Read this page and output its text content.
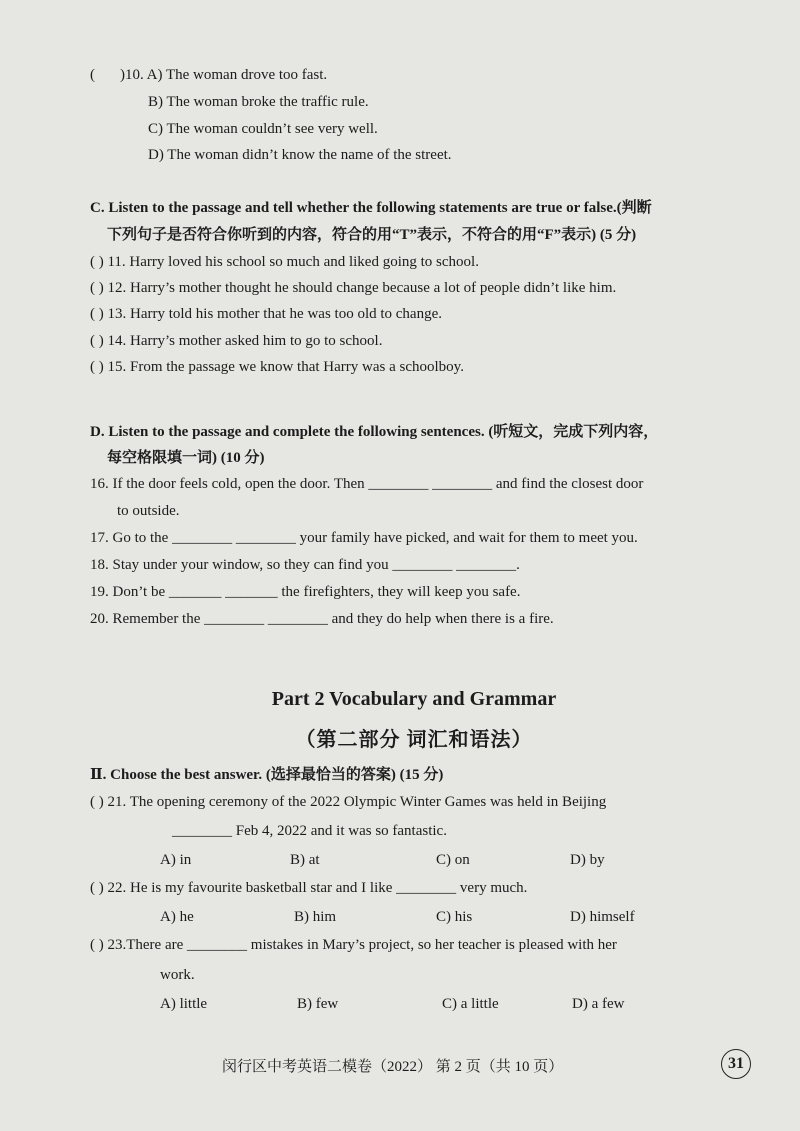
( )10. A) The woman drove too fast.
B) The woman broke the traffic rule.
C) The woman couldn’t see very well.
D) The woman didn’t know the name of the street.
C. Listen to the passage and tell whether the following statements are true or false.(判断
下列句子是否符合你听到的内容，符合的用“T”表示，不符合的用“F”表示) (5 分)
( ) 11. Harry loved his school so much and liked going to school.
( ) 12. Harry’s mother thought he should change because a lot of people didn’t like him.
( ) 13. Harry told his mother that he was too old to change.
( ) 14. Harry’s mother asked him to go to school.
( ) 15. From the passage we know that Harry was a schoolboy.
D. Listen to the passage and complete the following sentences. (听短文，完成下列内容，
每空格限填一词) (10 分)
16. If the door feels cold, open the door. Then ________ ________ and find the closest door
to outside.
17. Go to the ________ ________ your family have picked, and wait for them to meet you.
18. Stay under your window, so they can find you ________ ________.
19. Don’t be _______ _______ the firefighters, they will keep you safe.
20. Remember the ________ ________ and they do help when there is a fire.
Part 2 Vocabulary and Grammar
（第二部分 词汇和语法）
Ⅱ. Choose the best answer. (选择最恰当的答案) (15 分)
( ) 21. The opening ceremony of the 2022 Olympic Winter Games was held in Beijing
________ Feb 4, 2022 and it was so fantastic.
A) in	B) at	C) on	D) by
( ) 22. He is my favourite basketball star and I like ________ very much.
A) he	B) him	C) his	D) himself
( ) 23.There are ________ mistakes in Mary’s project, so her teacher is pleased with her
work.
A) little	B) few	C) a little	D) a few
闵行区中考英语二模卷（2022） 第 2 页（共 10 页）	31
